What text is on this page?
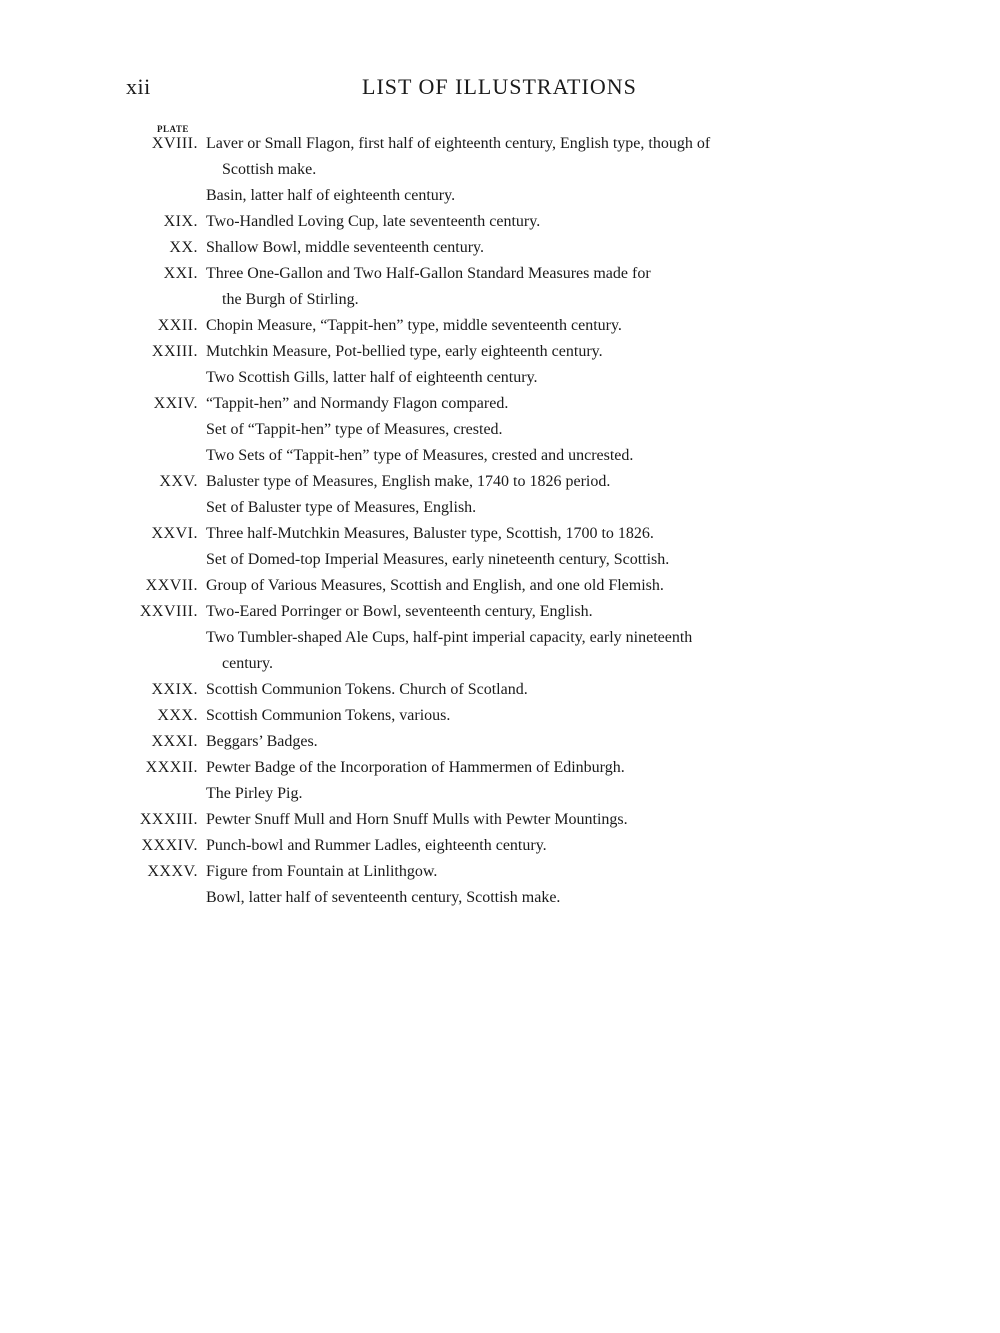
xii	LIST OF ILLUSTRATIONS
PLATE
XVIII. Laver or Small Flagon, first half of eighteenth century, English type, though of
Scottish make.
Basin, latter half of eighteenth century.
XIX. Two-Handled Loving Cup, late seventeenth century.
XX. Shallow Bowl, middle seventeenth century.
XXI. Three One-Gallon and Two Half-Gallon Standard Measures made for
the Burgh of Stirling.
XXII. Chopin Measure, “Tappit-hen” type, middle seventeenth century.
XXIII. Mutchkin Measure, Pot-bellied type, early eighteenth century.
Two Scottish Gills, latter half of eighteenth century.
XXIV. “Tappit-hen” and Normandy Flagon compared.
Set of “Tappit-hen” type of Measures, crested.
Two Sets of “Tappit-hen” type of Measures, crested and uncrested.
XXV. Baluster type of Measures, English make, 1740 to 1826 period.
Set of Baluster type of Measures, English.
XXVI. Three half-Mutchkin Measures, Baluster type, Scottish, 1700 to 1826.
Set of Domed-top Imperial Measures, early nineteenth century, Scottish.
XXVII. Group of Various Measures, Scottish and English, and one old Flemish.
XXVIII. Two-Eared Porringer or Bowl, seventeenth century, English.
Two Tumbler-shaped Ale Cups, half-pint imperial capacity, early nineteenth
century.
XXIX. Scottish Communion Tokens. Church of Scotland.
XXX. Scottish Communion Tokens, various.
XXXI. Beggars’ Badges.
XXXII. Pewter Badge of the Incorporation of Hammermen of Edinburgh.
The Pirley Pig.
XXXIII. Pewter Snuff Mull and Horn Snuff Mulls with Pewter Mountings.
XXXIV. Punch-bowl and Rummer Ladles, eighteenth century.
XXXV. Figure from Fountain at Linlithgow.
Bowl, latter half of seventeenth century, Scottish make.
